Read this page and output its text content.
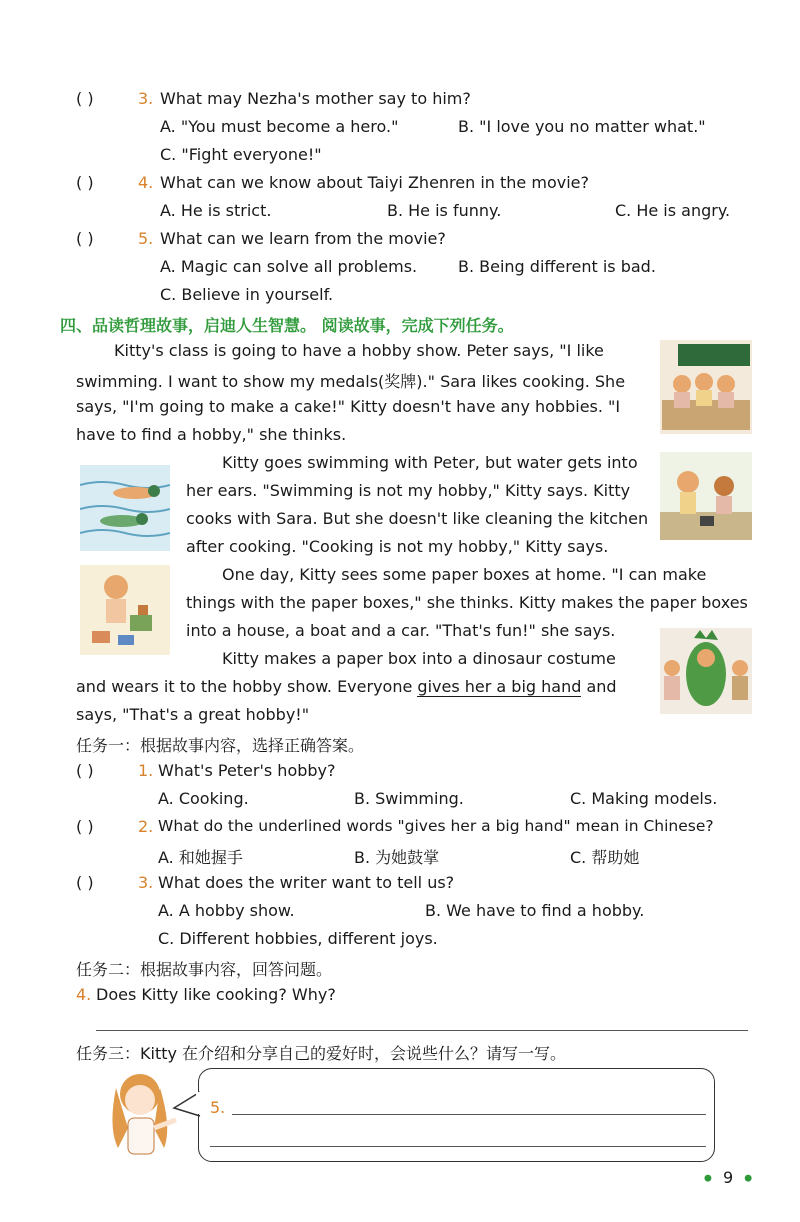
( )	3. What may Nezha's mother say to him?
A. "You must become a hero."	B. "I love you no matter what."
C. "Fight everyone!"
( )	4. What can we know about Taiyi Zhenren in the movie?
A. He is strict.	B. He is funny.	C. He is angry.
( )	5. What can we learn from the movie?
A. Magic can solve all problems.	B. Being different is bad.
C. Believe in yourself.
四、品读哲理故事，启迪人生智慧。 阅读故事，完成下列任务。
Kitty's class is going to have a hobby show. Peter says, "I like
swimming. I want to show my medals(奖牌)." Sara likes cooking. She
says, "I'm going to make a cake!" Kitty doesn't have any hobbies. "I
have to find a hobby," she thinks.
Kitty goes swimming with Peter, but water gets into
her ears. "Swimming is not my hobby," Kitty says. Kitty
cooks with Sara. But she doesn't like cleaning the kitchen
after cooking. "Cooking is not my hobby," Kitty says.
One day, Kitty sees some paper boxes at home. "I can make
things with the paper boxes," she thinks. Kitty makes the paper boxes
into a house, a boat and a car. "That's fun!" she says.
Kitty makes a paper box into a dinosaur costume
and wears it to the hobby show. Everyone gives her a big hand and
says, "That's a great hobby!"
任务一：根据故事内容，选择正确答案。
( )	1. What's Peter's hobby?
A. Cooking.	B. Swimming.	C. Making models.
( )	2. What do the underlined words "gives her a big hand" mean in Chinese?
A. 和她握手	B. 为她鼓掌	C. 帮助她
( )	3. What does the writer want to tell us?
A. A hobby show.	B. We have to find a hobby.
C. Different hobbies, different joys.
任务二：根据故事内容，回答问题。
4. Does Kitty like cooking? Why?
任务三：Kitty 在介绍和分享自己的爱好时，会说些什么？请写一写。
5.
● 9 ●
